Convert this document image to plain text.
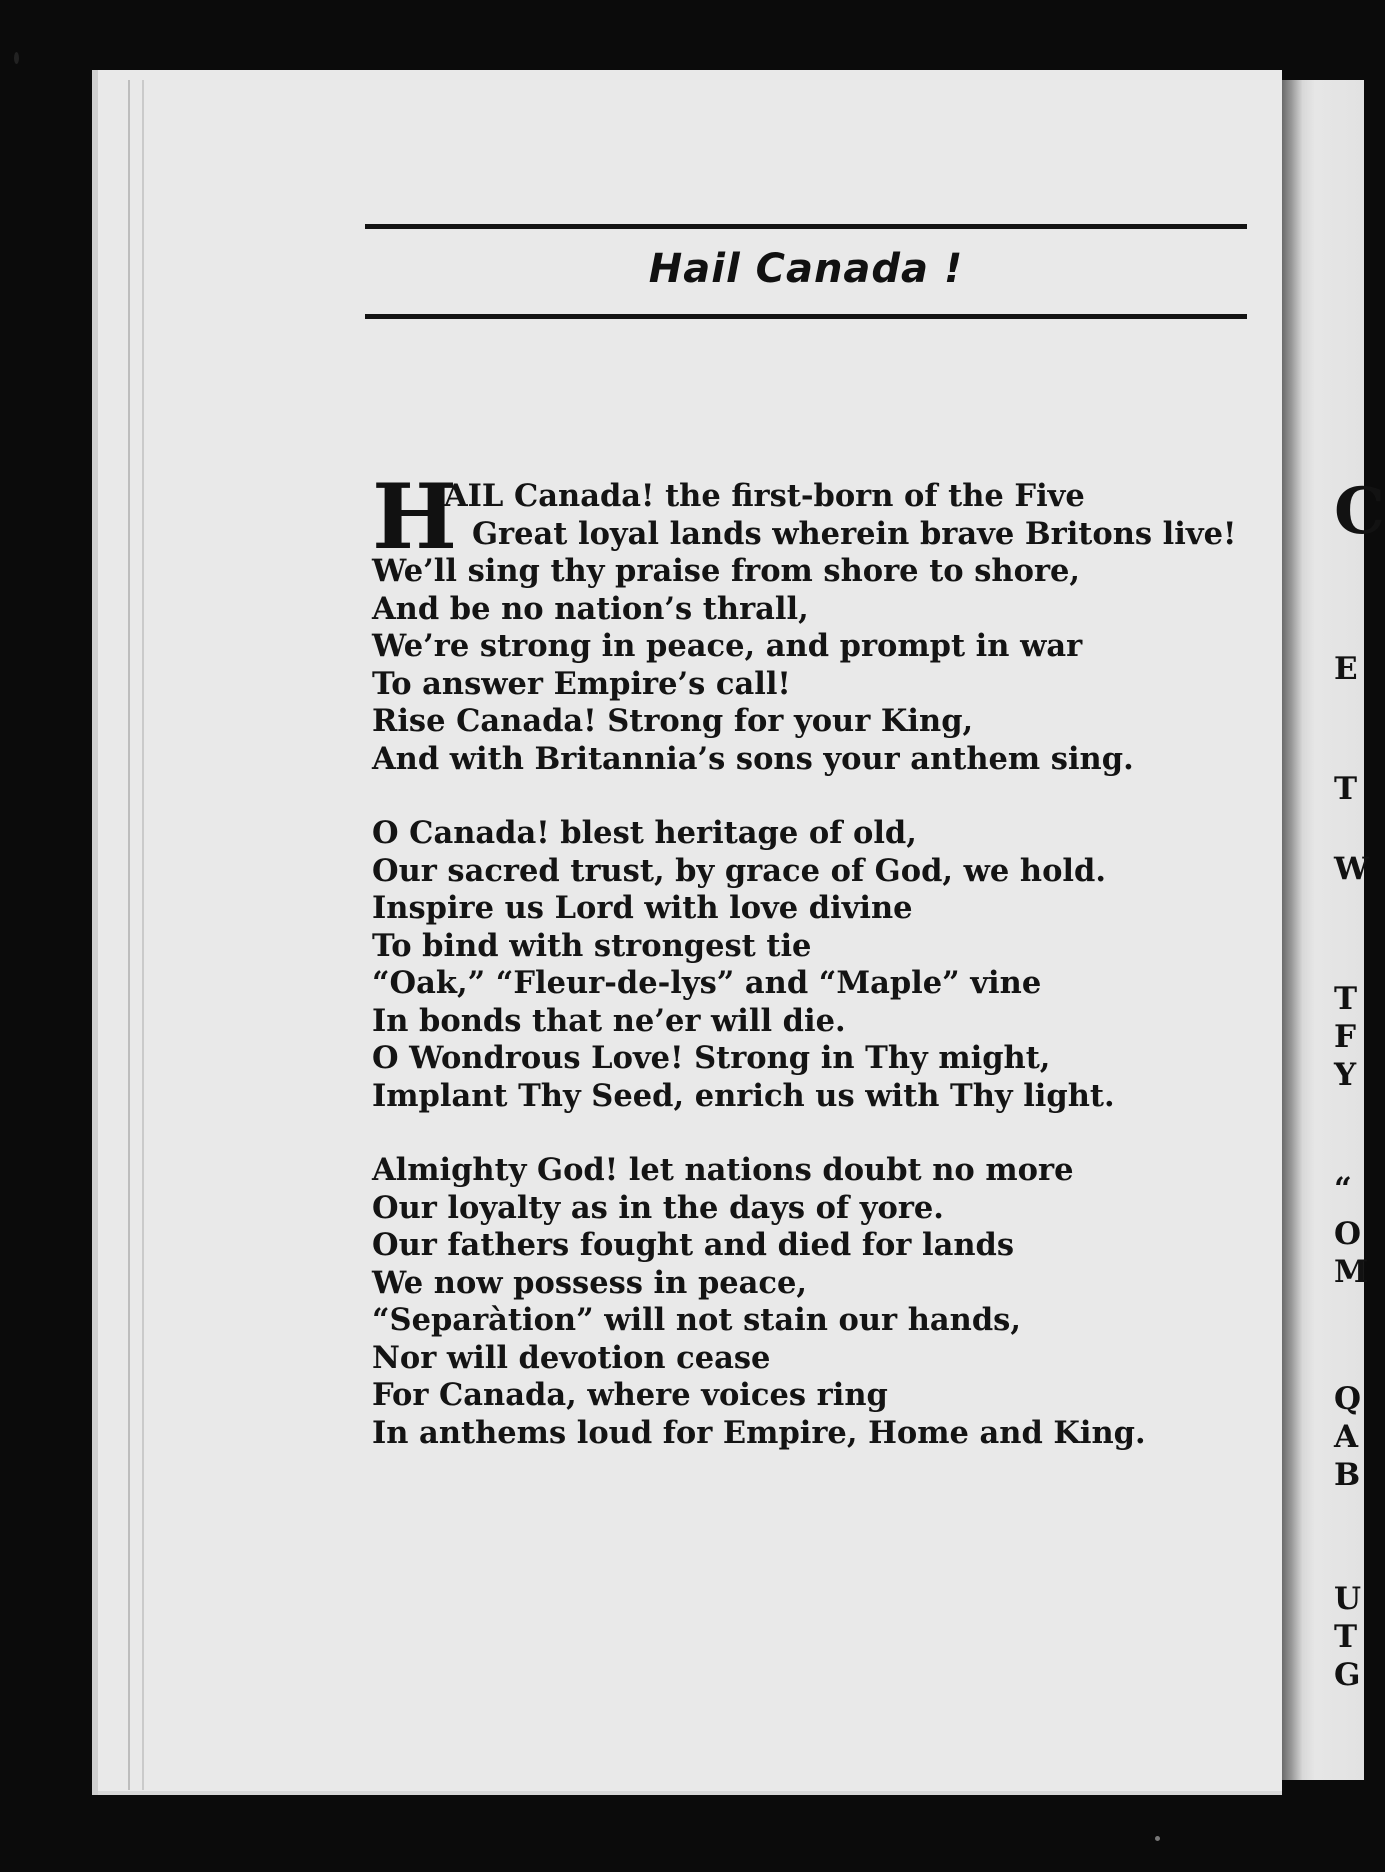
C
E
T
W
T
F
Y
“
O
M
Q
A
B
U
T
G
Hail Canada !
H
AIL Canada! the first-born of the Five
Great loyal lands wherein brave Britons live!
We’ll sing thy praise from shore to shore,
And be no nation’s thrall,
We’re strong in peace, and prompt in war
To answer Empire’s call!
Rise Canada! Strong for your King,
And with Britannia’s sons your anthem sing.
O Canada! blest heritage of old,
Our sacred trust, by grace of God, we hold.
Inspire us Lord with love divine
To bind with strongest tie
“Oak,” “Fleur-de-lys” and “Maple” vine
In bonds that ne’er will die.
O Wondrous Love! Strong in Thy might,
Implant Thy Seed, enrich us with Thy light.
Almighty God! let nations doubt no more
Our loyalty as in the days of yore.
Our fathers fought and died for lands
We now possess in peace,
“Separàtion” will not stain our hands,
Nor will devotion cease
For Canada, where voices ring
In anthems loud for Empire, Home and King.
